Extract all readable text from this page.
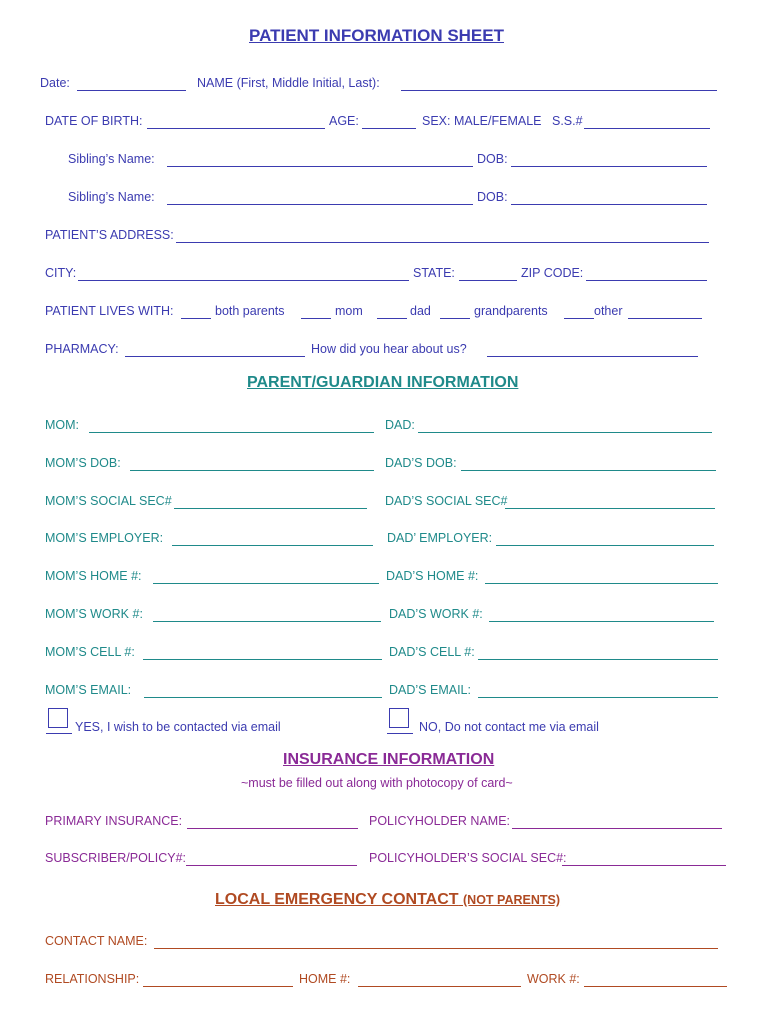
PATIENT INFORMATION SHEET
Date:	NAME (First, Middle Initial, Last):
DATE OF BIRTH:	AGE:	SEX: MALE/FEMALE S.S.#
Sibling’s Name:	DOB:
Sibling’s Name:	DOB:
PATIENT’S ADDRESS:
CITY:	STATE:	ZIP CODE:
PATIENT LIVES WITH:	both parents	mom	dad	grandparents	other
PHARMACY:	How did you hear about us?
PARENT/GUARDIAN INFORMATION
MOM:	DAD:
MOM’S DOB:	DAD’S DOB:
MOM’S SOCIAL SEC#	DAD’S SOCIAL SEC#
MOM’S EMPLOYER:	DAD’ EMPLOYER:
MOM’S HOME #:	DAD’S HOME #:
MOM’S WORK #:	DAD’S WORK #:
MOM’S CELL #:	DAD’S CELL #:
MOM’S EMAIL:	DAD’S EMAIL:
YES, I wish to be contacted via email	NO, Do not contact me via email
INSURANCE INFORMATION
~must be filled out along with photocopy of card~
PRIMARY INSURANCE:	POLICYHOLDER NAME:
SUBSCRIBER/POLICY#:	POLICYHOLDER’S SOCIAL SEC#:
LOCAL EMERGENCY CONTACT (NOT PARENTS)
CONTACT NAME:
RELATIONSHIP:	HOME #:	WORK #:
